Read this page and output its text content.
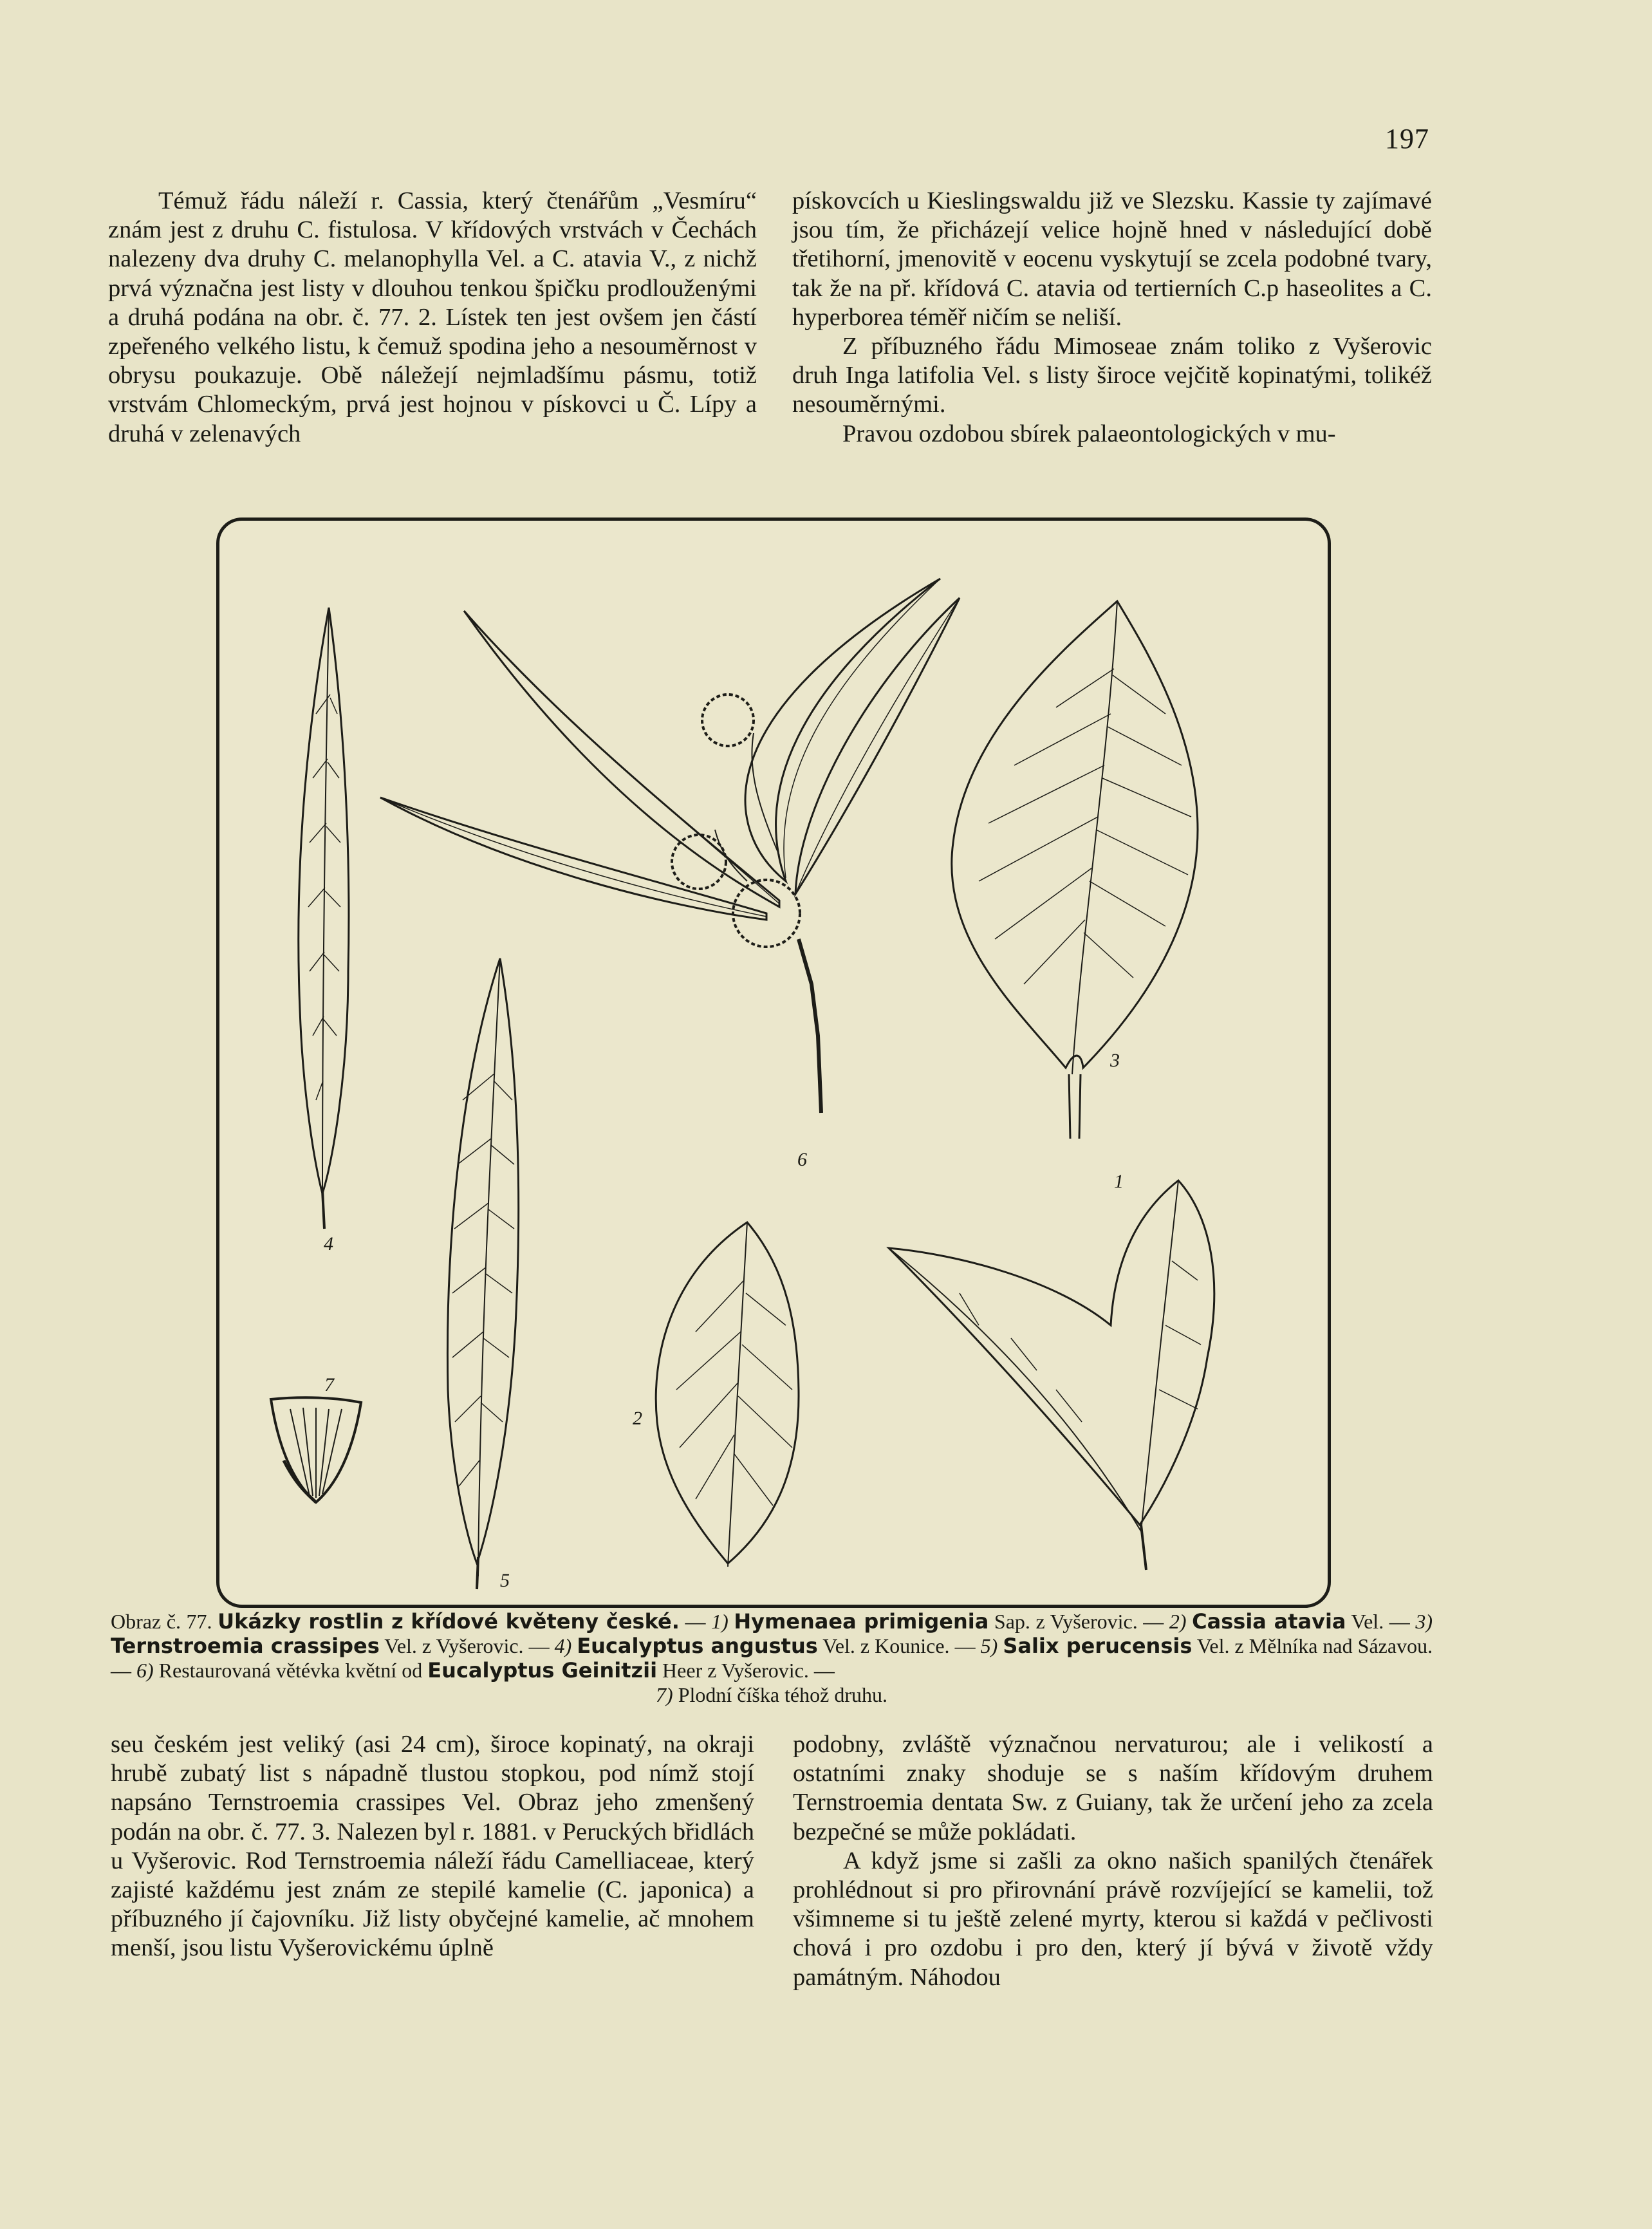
197

Témuž řádu náleží r. Cassia, který čtenářům „Vesmíru“ znám jest z druhu C. fistulosa. V křídových vrstvách v Čechách nalezeny dva druhy C. melanophylla Vel. a C. atavia V., z nichž prvá význačna jest listy v dlouhou tenkou špičku prodlouženými a druhá podána na obr. č. 77. 2. Lístek ten jest ovšem jen částí zpeřeného velkého listu, k čemuž spodina jeho a nesouměrnost v obrysu poukazuje. Obě náležejí nejmladšímu pásmu, totiž vrstvám Chlomeckým, prvá jest hojnou v pískovci u Č. Lípy a druhá v zelenavých

pískovcích u Kieslingswaldu již ve Slezsku. Kassie ty zajímavé jsou tím, že přicházejí velice hojně hned v následující době třetihorní, jmenovitě v eocenu vyskytují se zcela podobné tvary, tak že na př. křídová C. atavia od tertierních C.p haseolites a C. hyperborea téměř ničím se neliší.

Z příbuzného řádu Mimoseae znám toliko z Vyšerovic druh Inga latifolia Vel. s listy široce vejčitě kopinatými, tolikéž nesouměrnými.

Pravou ozdobou sbírek palaeontologických v mu-

1
2
3
4
5
6
7
Obraz č. 77. Ukázky rostlin z křídové květeny české. — 1) Hymenaea primigenia Sap. z Vyšerovic. — 2) Cassia atavia Vel. — 3) Ternstroemia crassipes Vel. z Vyšerovic. — 4) Eucalyptus angustus Vel. z Kounice. — 5) Salix perucensis Vel. z Mělníka nad Sázavou. — 6) Restaurovaná větévka květní od Eucalyptus Geinitzii Heer z Vyšerovic. —
7) Plodní číška téhož druhu.

seu českém jest veliký (asi 24 cm), široce kopinatý, na okraji hrubě zubatý list s nápadně tlustou stopkou, pod nímž stojí napsáno Ternstroemia crassipes Vel. Obraz jeho zmenšený podán na obr. č. 77. 3. Nalezen byl r. 1881. v Peruckých břidlách u Vyšerovic. Rod Ternstroemia náleží řádu Camelliaceae, který zajisté každému jest znám ze stepilé kamelie (C. japonica) a příbuzného jí čajovníku. Již listy obyčejné kamelie, ač mnohem menší, jsou listu Vyšerovickému úplně

podobny, zvláště význačnou nervaturou; ale i velikostí a ostatními znaky shoduje se s naším křídovým druhem Ternstroemia dentata Sw. z Guiany, tak že určení jeho za zcela bezpečné se může pokládati.

A když jsme si zašli za okno našich spanilých čtenářek prohlédnout si pro přirovnání právě rozvíjející se kamelii, tož všimneme si tu ještě zelené myrty, kterou si každá v pečlivosti chová i pro ozdobu i pro den, který jí bývá v životě vždy památným. Náhodou
